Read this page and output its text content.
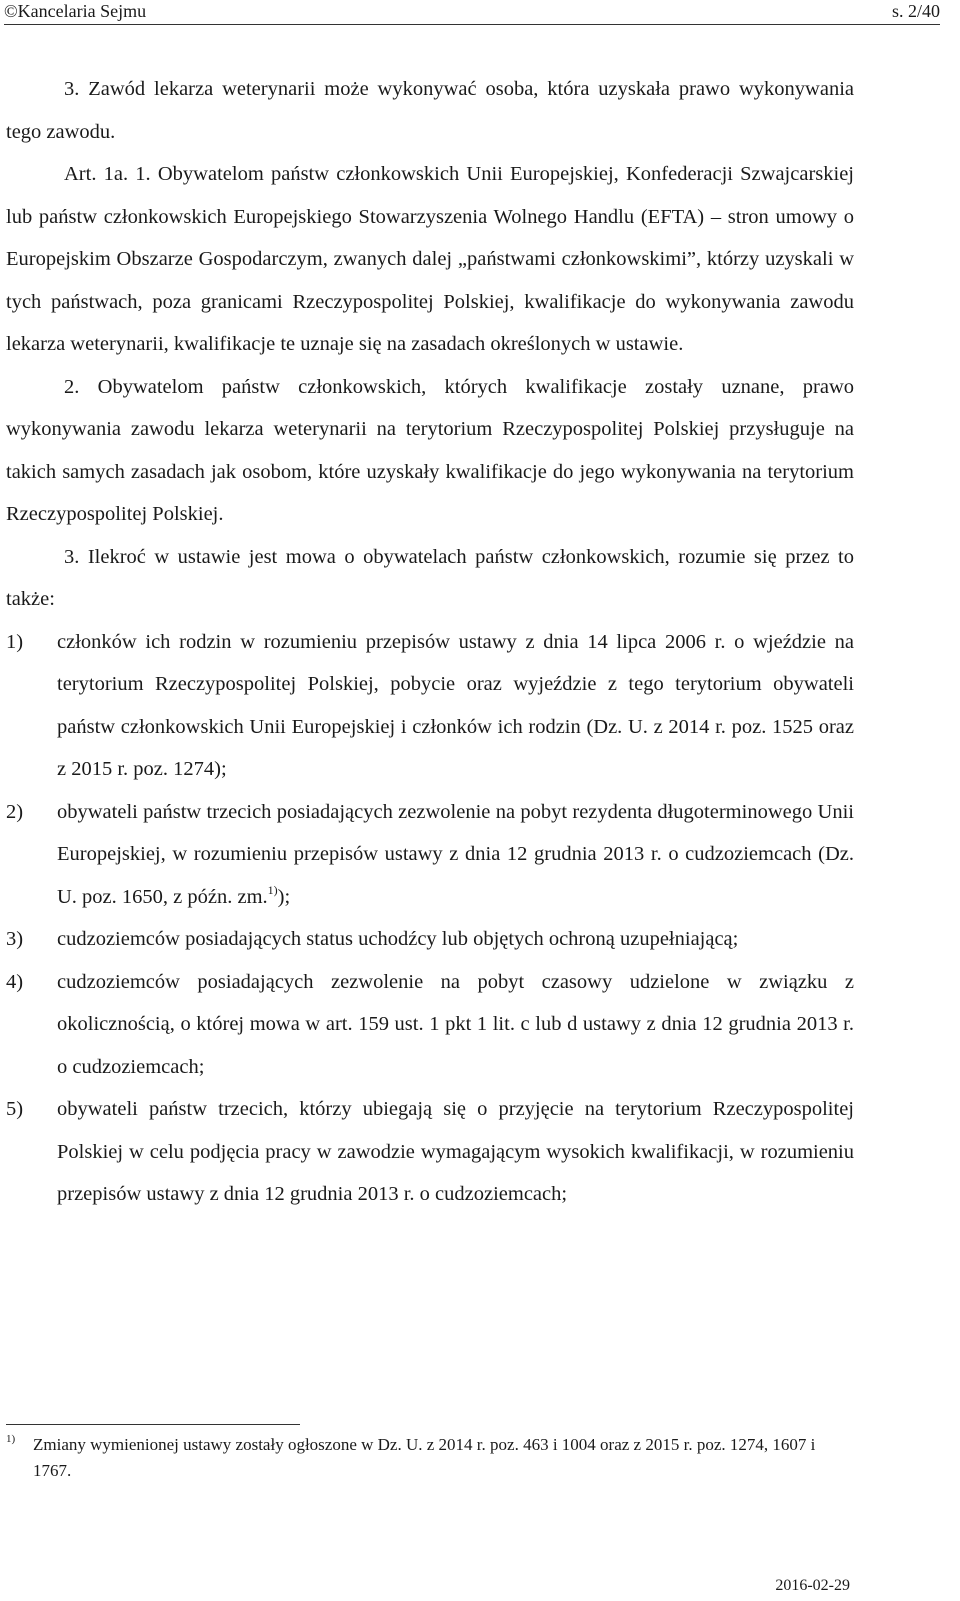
©Kancelaria Sejmu	s. 2/40

3. Zawód lekarza weterynarii może wykonywać osoba, która uzyskała prawo wykonywania tego zawodu.

Art. 1a. 1. Obywatelom państw członkowskich Unii Europejskiej, Konfederacji Szwajcarskiej lub państw członkowskich Europejskiego Stowarzyszenia Wolnego Handlu (EFTA) – stron umowy o Europejskim Obszarze Gospodarczym, zwanych dalej „państwami członkowskimi”, którzy uzyskali w tych państwach, poza granicami Rzeczypospolitej Polskiej, kwalifikacje do wykonywania zawodu lekarza weterynarii, kwalifikacje te uznaje się na zasadach określonych w ustawie.

2. Obywatelom państw członkowskich, których kwalifikacje zostały uznane, prawo wykonywania zawodu lekarza weterynarii na terytorium Rzeczypospolitej Polskiej przysługuje na takich samych zasadach jak osobom, które uzyskały kwalifikacje do jego wykonywania na terytorium Rzeczypospolitej Polskiej.

3. Ilekroć w ustawie jest mowa o obywatelach państw członkowskich, rozumie się przez to także:

1)	członków ich rodzin w rozumieniu przepisów ustawy z dnia 14 lipca 2006 r. o wjeździe na terytorium Rzeczypospolitej Polskiej, pobycie oraz wyjeździe z tego terytorium obywateli państw członkowskich Unii Europejskiej i członków ich rodzin (Dz. U. z 2014 r. poz. 1525 oraz z 2015 r. poz. 1274);
2)	obywateli państw trzecich posiadających zezwolenie na pobyt rezydenta długoterminowego Unii Europejskiej, w rozumieniu przepisów ustawy z dnia 12 grudnia 2013 r. o cudzoziemcach (Dz. U. poz. 1650, z późn. zm.$^{1)}$);
3)	cudzoziemców posiadających status uchodźcy lub objętych ochroną uzupełniającą;
4)	cudzoziemców posiadających zezwolenie na pobyt czasowy udzielone w związku z okolicznością, o której mowa w art. 159 ust. 1 pkt 1 lit. c lub d ustawy z dnia 12 grudnia 2013 r. o cudzoziemcach;
5)	obywateli państw trzecich, którzy ubiegają się o przyjęcie na terytorium Rzeczypospolitej Polskiej w celu podjęcia pracy w zawodzie wymagającym wysokich kwalifikacji, w rozumieniu przepisów ustawy z dnia 12 grudnia 2013 r. o cudzoziemcach;
1)	Zmiany wymienionej ustawy zostały ogłoszone w Dz. U. z 2014 r. poz. 463 i 1004 oraz z 2015 r. poz. 1274, 1607 i 1767.
2016-02-29
